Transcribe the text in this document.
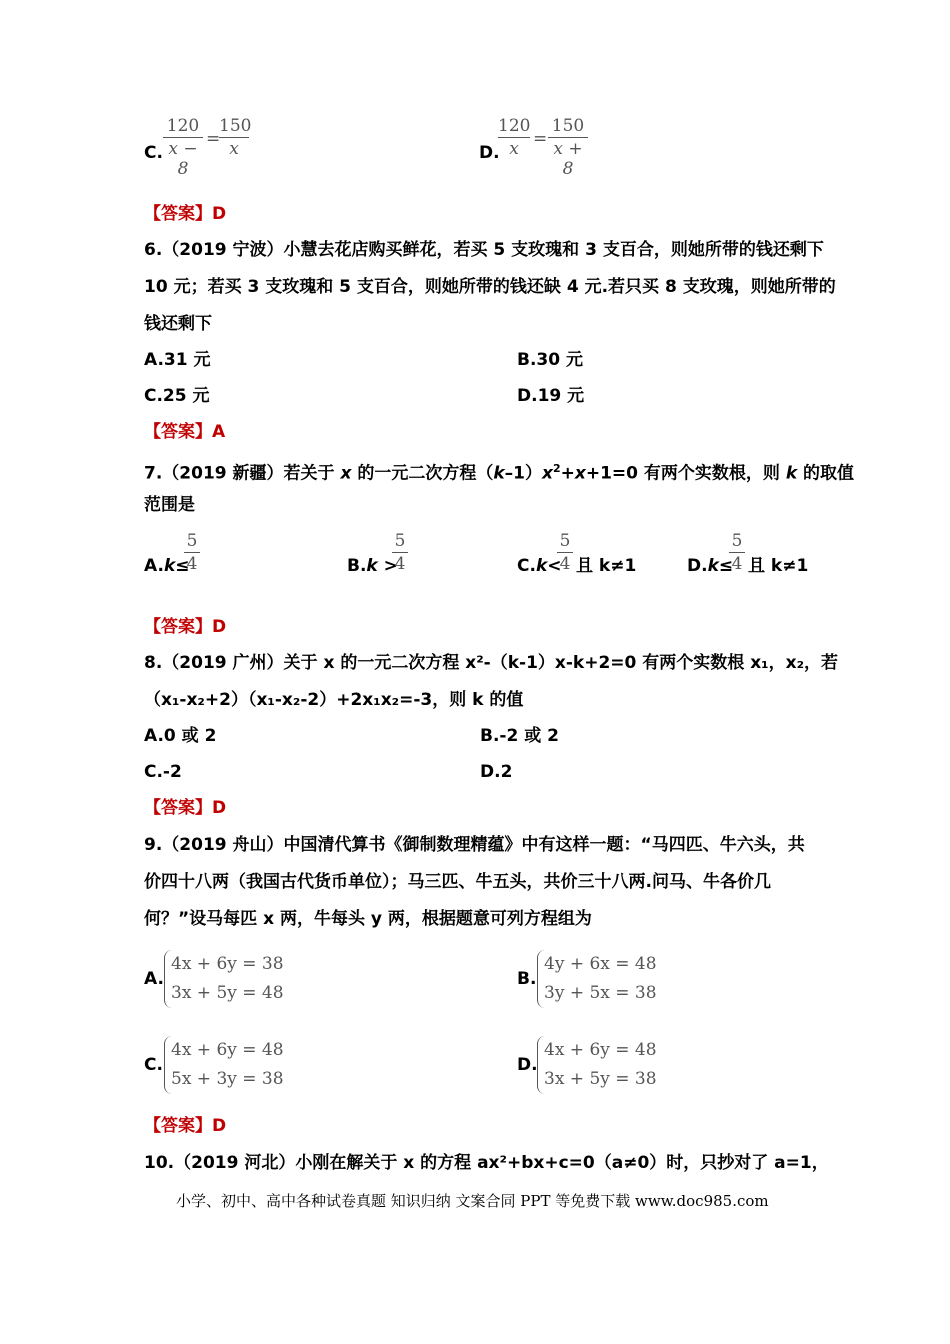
C.
120
x − 8
=
150
x	D.
120
x =
150
x + 8
【答案】D
6.（2019 宁波）小慧去花店购买鲜花，若买 5 支玫瑰和 3 支百合，则她所带的钱还剩下
10 元；若买 3 支玫瑰和 5 支百合，则她所带的钱还缺 4 元.若只买 8 支玫瑰，则她所带的
钱还剩下
A.31 元	B.30 元
C.25 元	D.19 元
【答案】A
7.（2019 新疆）若关于 x 的一元二次方程$(k-1)x^2+x+1=0$ 有两个实数根，则 k 的取值
范围是
A.k≤
5
4	B.k >
5
4	C.k<
5
4 且 k≠1	D.k≤
5
4 且 k≠1
【答案】D
8.（2019 广州）关于 x 的一元二次方程 x²-（k-1）x-k+2=0 有两个实数根 x₁，x₂，若
（x₁-x₂+2）（x₁-x₂-2）+2x₁x₂=-3，则 k 的值
A.0 或 2	B.-2 或 2
C.-2	D.2
【答案】D
9.（2019 舟山）中国清代算书《御制数理精蕴》中有这样一题：“马四匹、牛六头，共
价四十八两（我国古代货币单位）；马三匹、牛五头，共价三十八两.问马、牛各价几
何？”设马每匹 x 两，牛每头 y 两，根据题意可列方程组为
A.
4x + 6y = 38
3x + 5y = 48
B.
4y + 6x = 48
3y + 5x = 38
C.
4x + 6y = 48
5x + 3y = 38
D.
4x + 6y = 48
3x + 5y = 38
【答案】D
10.（2019 河北）小刚在解关于 x 的方程 ax²+bx+c=0（a≠0）时，只抄对了 a=1，
小学、初中、高中各种试卷真题 知识归纳 文案合同 PPT 等免费下载 www.doc985.com
